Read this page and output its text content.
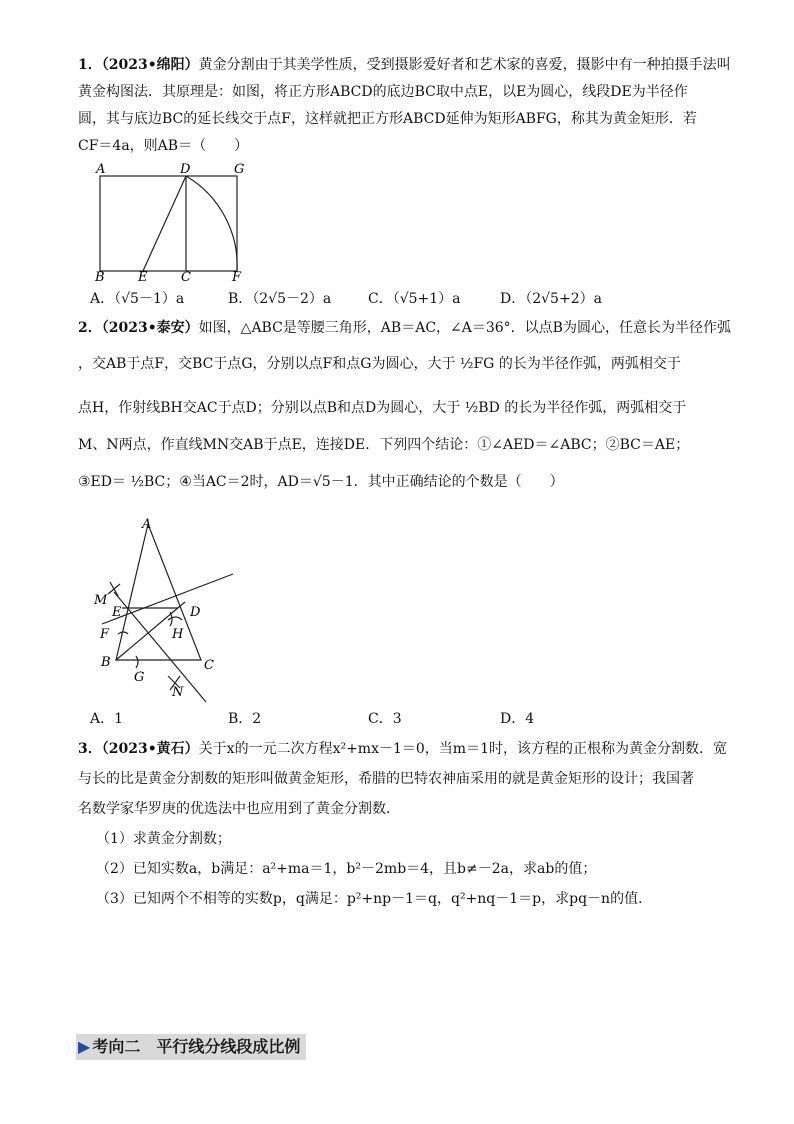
1．（2023•绵阳）黄金分割由于其美学性质，受到摄影爱好者和艺术家的喜爱，摄影中有一种拍摄手法叫
黄金构图法．其原理是：如图，将正方形ABCD的底边BC取中点E，以E为圆心，线段DE为半径作
圆，其与底边BC的延长线交于点F，这样就把正方形ABCD延伸为矩形ABFG，称其为黄金矩形．若
CF＝4a，则AB＝（　　）
A	D	G
B	E	C	F
A．（√5－1）a	B．（2√5－2）a	C．（√5+1）a	D．（2√5+2）a
2．（2023•泰安）如图，△ABC是等腰三角形，AB＝AC，∠A＝36°．以点B为圆心，任意长为半径作弧
，交AB于点F，交BC于点G，分别以点F和点G为圆心，大于 ½FG 的长为半径作弧，两弧相交于
点H，作射线BH交AC于点D；分别以点B和点D为圆心，大于 ½BD 的长为半径作弧，两弧相交于
M、N两点，作直线MN交AB于点E，连接DE．下列四个结论：①∠AED＝∠ABC；②BC＝AE；
③ED＝ ½BC；④当AC＝2时，AD＝√5－1．其中正确结论的个数是（　　）
A
M
E	D
F	H
B	C
G
N
A．1	B．2	C．3	D．4
3．（2023•黄石）关于x的一元二次方程x²+mx－1＝0，当m＝1时，该方程的正根称为黄金分割数．宽
与长的比是黄金分割数的矩形叫做黄金矩形，希腊的巴特农神庙采用的就是黄金矩形的设计；我国著
名数学家华罗庚的优选法中也应用到了黄金分割数．
（1）求黄金分割数；
（2）已知实数a，b满足：a²+ma＝1，b²－2mb＝4，且b≠－2a，求ab的值；
（3）已知两个不相等的实数p，q满足：p²+np－1＝q，q²+nq－1＝p，求pq－n的值．
▶ 考向二　平行线分线段成比例
